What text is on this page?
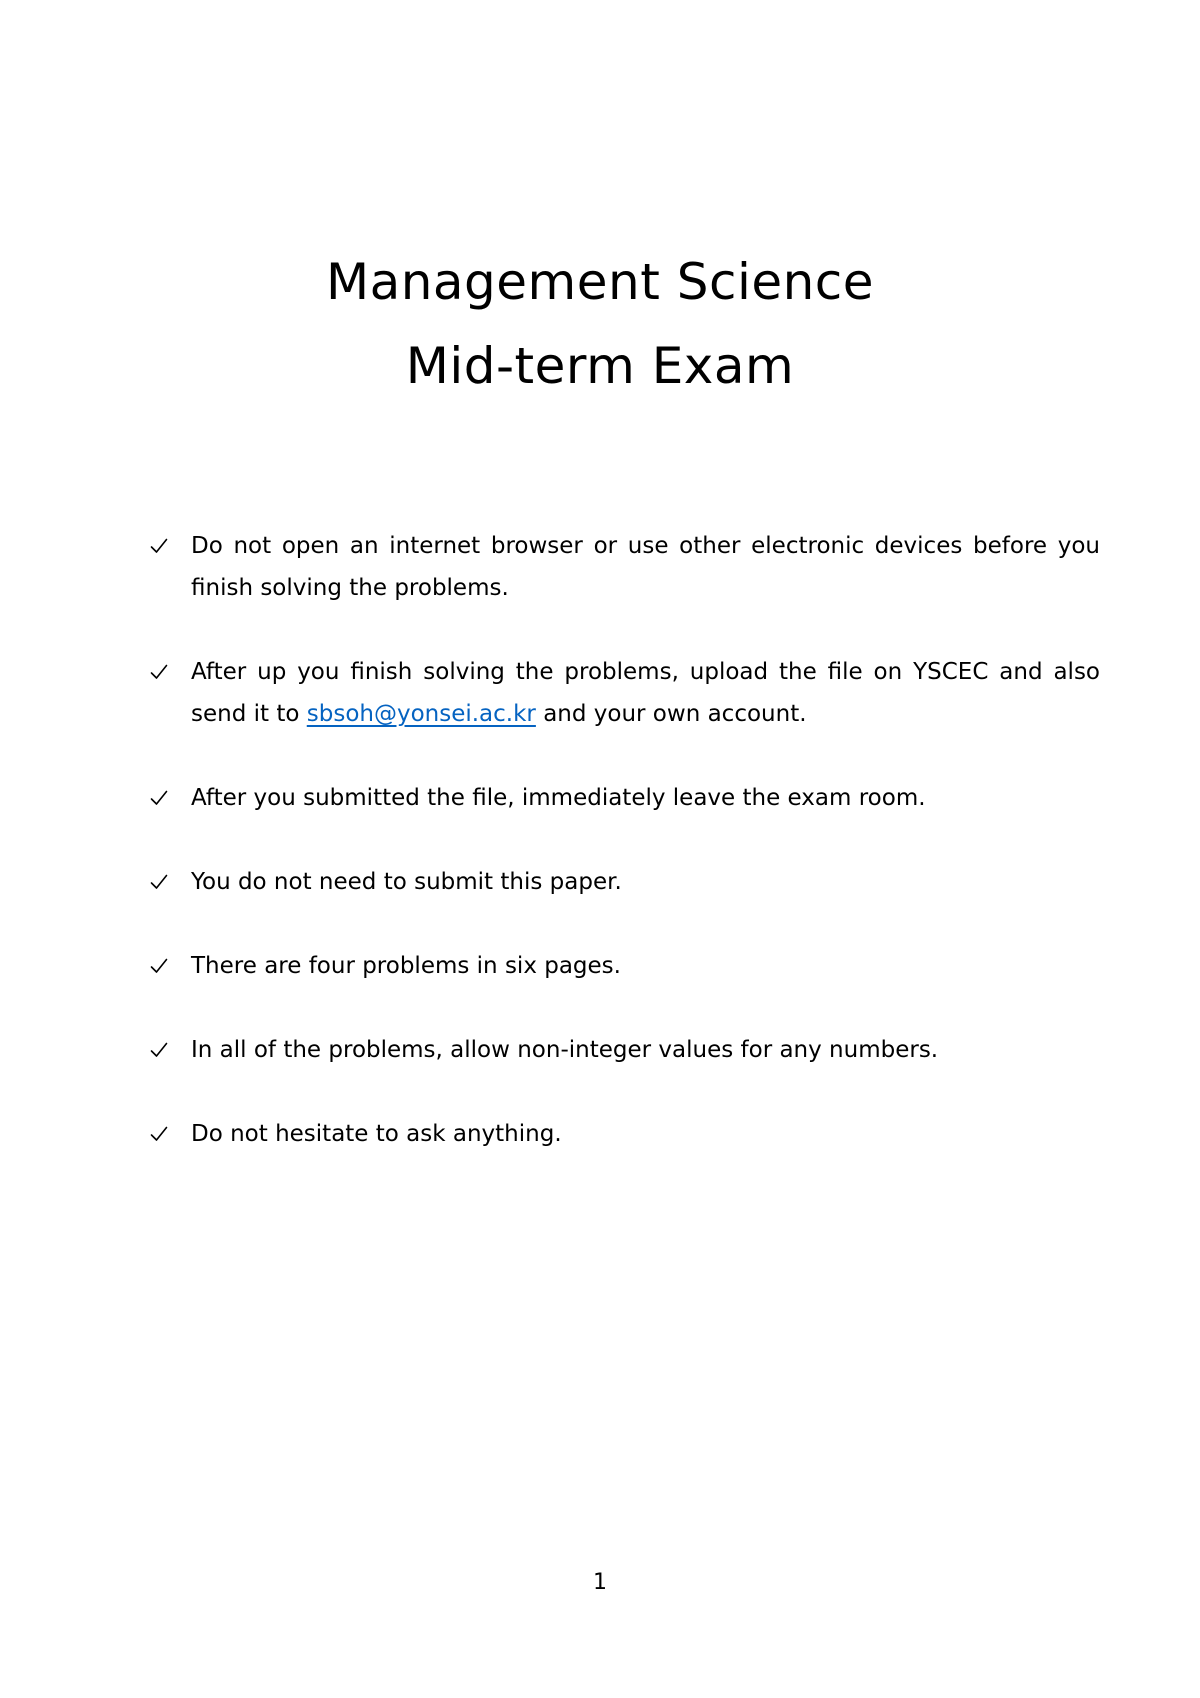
Management Science
Mid-term Exam
Do not open an internet browser or use other electronic devices before you finish solving the problems.
After up you finish solving the problems, upload the file on YSCEC and also send it to sbsoh@yonsei.ac.kr and your own account.
After you submitted the file, immediately leave the exam room.
You do not need to submit this paper.
There are four problems in six pages.
In all of the problems, allow non-integer values for any numbers.
Do not hesitate to ask anything.
1
